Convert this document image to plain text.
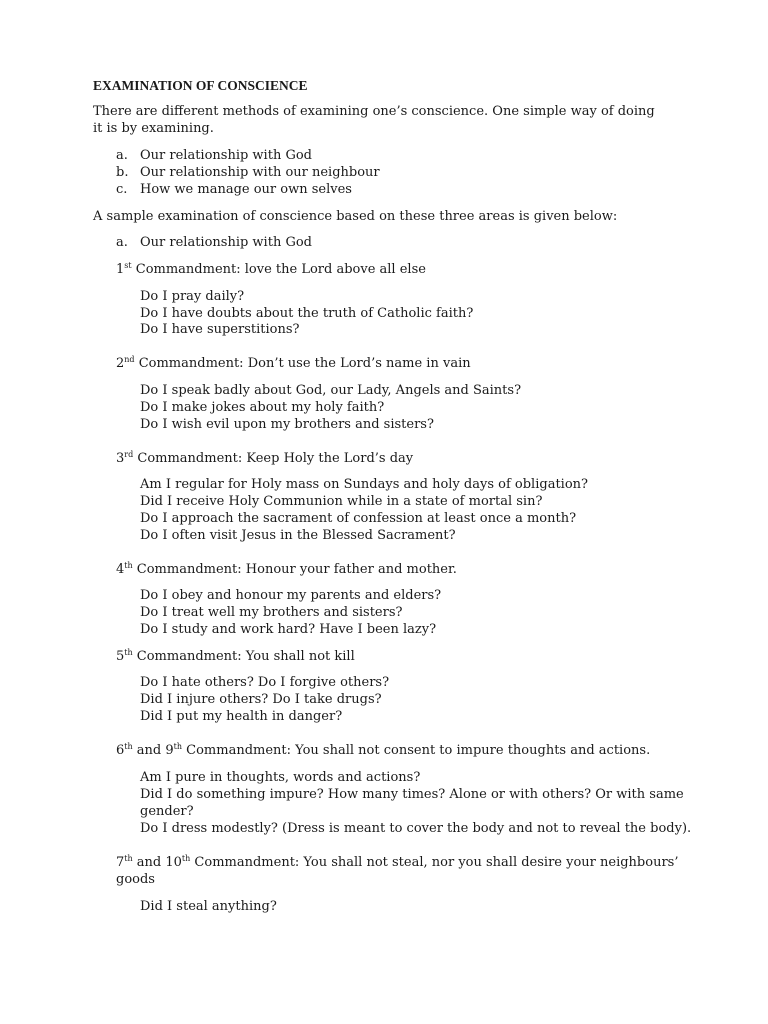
EXAMINATION OF CONSCIENCE
There are different methods of examining one’s conscience. One simple way of doing
it is by examining.
a. Our relationship with God
b. Our relationship with our neighbour
c. How we manage our own selves
A sample examination of conscience based on these three areas is given below:
a. Our relationship with God
1st Commandment: love the Lord above all else
Do I pray daily?
Do I have doubts about the truth of Catholic faith?
Do I have superstitions?
2nd Commandment: Don’t use the Lord’s name in vain
Do I speak badly about God, our Lady, Angels and Saints?
Do I make jokes about my holy faith?
Do I wish evil upon my brothers and sisters?
3rd Commandment: Keep Holy the Lord’s day
Am I regular for Holy mass on Sundays and holy days of obligation?
Did I receive Holy Communion while in a state of mortal sin?
Do I approach the sacrament of confession at least once a month?
Do I often visit Jesus in the Blessed Sacrament?
4th Commandment: Honour your father and mother.
Do I obey and honour my parents and elders?
Do I treat well my brothers and sisters?
Do I study and work hard? Have I been lazy?
5th Commandment: You shall not kill
Do I hate others? Do I forgive others?
Did I injure others? Do I take drugs?
Did I put my health in danger?
6th and 9th Commandment: You shall not consent to impure thoughts and actions.
Am I pure in thoughts, words and actions?
Did I do something impure? How many times? Alone or with others? Or with same
gender?
Do I dress modestly? (Dress is meant to cover the body and not to reveal the body).
7th and 10th Commandment: You shall not steal, nor you shall desire your neighbours’
goods
Did I steal anything?
